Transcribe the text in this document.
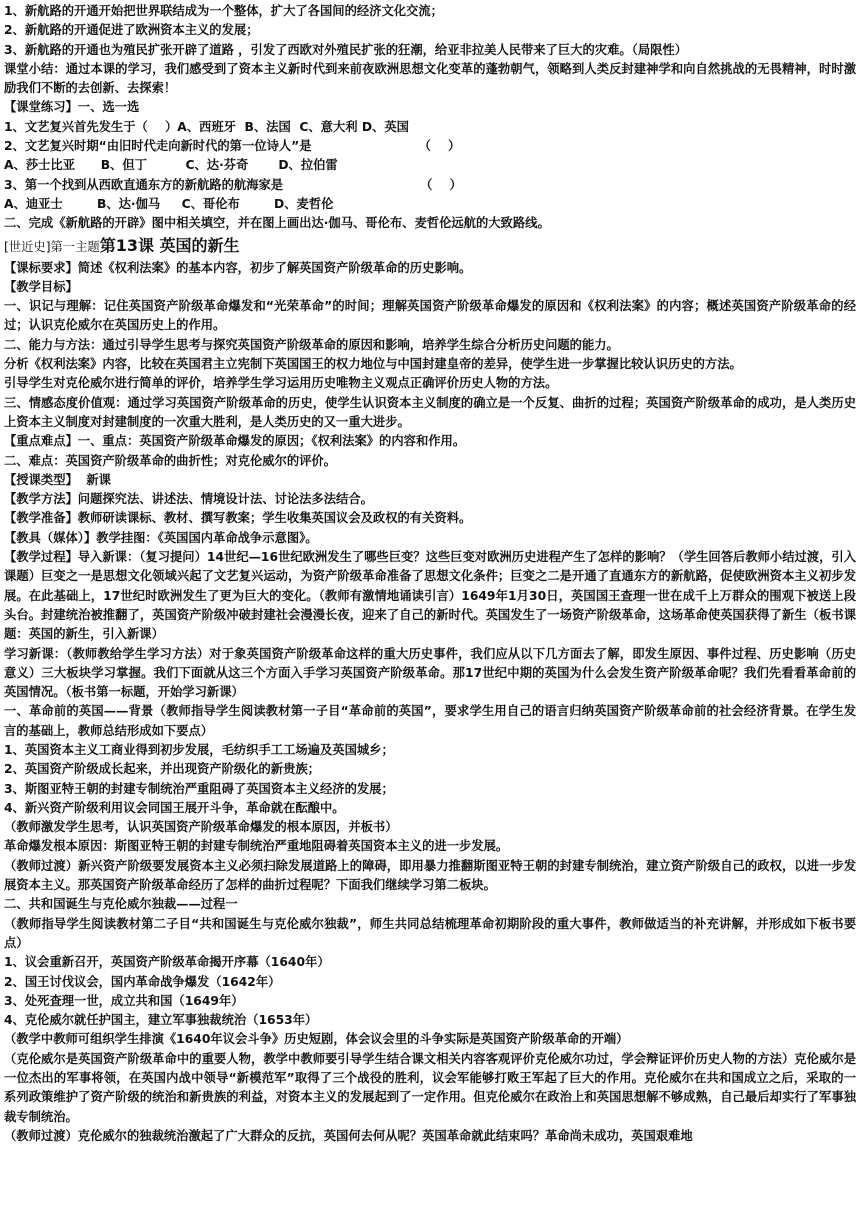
1、新航路的开通开始把世界联结成为一个整体，扩大了各国间的经济文化交流；

2、新航路的开通促进了欧洲资本主义的发展；

3、新航路的开通也为殖民扩张开辟了道路 ，引发了西欧对外殖民扩张的狂潮，给亚非拉美人民带来了巨大的灾难。（局限性）

课堂小结：通过本课的学习，我们感受到了资本主义新时代到来前夜欧洲思想文化变革的蓬勃朝气，领略到人类反封建神学和向自然挑战的无畏精神，时时激励我们不断的去创新、去探索！

【课堂练习】一、选一选

1、文艺复兴首先发生于（    ）A、西班牙  B、法国  C、意大利 D、英国

2、文艺复兴时期“由旧时代走向新时代的第一位诗人”是                         （    ）

A、莎士比亚      B、但丁         C、达·芬奇       D、拉伯雷

3、第一个找到从西欧直通东方的新航路的航海家是                                （    ）

A、迪亚士        B、达·伽马     C、哥伦布        D、麦哲伦

二、完成《新航路的开辟》图中相关填空，并在图上画出达·伽马、哥伦布、麦哲伦远航的大致路线。

[世近史]第一主题第13课 英国的新生

【课标要求】简述《权利法案》的基本内容，初步了解英国资产阶级革命的历史影响。

【教学目标】

一、识记与理解：记住英国资产阶级革命爆发和“光荣革命”的时间；理解英国资产阶级革命爆发的原因和《权利法案》的内容；概述英国资产阶级革命的经过；认识克伦威尔在英国历史上的作用。

二、能力与方法：通过引导学生思考与探究英国资产阶级革命的原因和影响，培养学生综合分析历史问题的能力。

分析《权利法案》内容，比较在英国君主立宪制下英国国王的权力地位与中国封建皇帝的差异，使学生进一步掌握比较认识历史的方法。

引导学生对克伦威尔进行简单的评价，培养学生学习运用历史唯物主义观点正确评价历史人物的方法。

三、情感态度价值观：通过学习英国资产阶级革命的历史，使学生认识资本主义制度的确立是一个反复、曲折的过程；英国资产阶级革命的成功，是人类历史上资本主义制度对封建制度的一次重大胜利，是人类历史的又一重大进步。

【重点难点】一、重点：英国资产阶级革命爆发的原因；《权利法案》的内容和作用。

二、难点：英国资产阶级革命的曲折性；对克伦威尔的评价。

【授课类型】  新课

【教学方法】问题探究法、讲述法、情境设计法、讨论法多法结合。

【教学准备】教师研读课标、教材、撰写教案；学生收集英国议会及政权的有关资料。

【教具（媒体）】教学挂图：《英国国内革命战争示意图》。

【教学过程】导入新课：（复习提问）14世纪—16世纪欧洲发生了哪些巨变？这些巨变对欧洲历史进程产生了怎样的影响？（学生回答后教师小结过渡，引入课题）巨变之一是思想文化领域兴起了文艺复兴运动，为资产阶级革命准备了思想文化条件；巨变之二是开通了直通东方的新航路，促使欧洲资本主义初步发展。在此基础上，17世纪时欧洲发生了更为巨大的变化。（教师有激情地诵读引言）1649年1月30日，英国国王查理一世在成千上万群众的围观下被送上段头台。封建统治被推翻了，英国资产阶级冲破封建社会漫漫长夜，迎来了自己的新时代。英国发生了一场资产阶级革命，这场革命使英国获得了新生（板书课题：英国的新生，引入新课）

学习新课：（教师教给学生学习方法）对于象英国资产阶级革命这样的重大历史事件，我们应从以下几方面去了解，即发生原因、事件过程、历史影响（历史意义）三大板块学习掌握。我们下面就从这三个方面入手学习英国资产阶级革命。那17世纪中期的英国为什么会发生资产阶级革命呢？我们先看看革命前的英国情况。（板书第一标题，开始学习新课）

一、革命前的英国——背景（教师指导学生阅读教材第一子目“革命前的英国”，要求学生用自己的语言归纳英国资产阶级革命前的社会经济背景。在学生发言的基础上，教师总结形成如下要点）

1、英国资本主义工商业得到初步发展，毛纺织手工工场遍及英国城乡；

2、英国资产阶级成长起来，并出现资产阶级化的新贵族；

3、斯图亚特王朝的封建专制统治严重阻碍了英国资本主义经济的发展；

4、新兴资产阶级利用议会同国王展开斗争，革命就在酝酿中。

（教师激发学生思考，认识英国资产阶级革命爆发的根本原因，并板书）

革命爆发根本原因：斯图亚特王朝的封建专制统治严重地阻碍着英国资本主义的进一步发展。

（教师过渡）新兴资产阶级要发展资本主义必须扫除发展道路上的障碍，即用暴力推翻斯图亚特王朝的封建专制统治，建立资产阶级自己的政权，以进一步发展资本主义。那英国资产阶级革命经历了怎样的曲折过程呢？下面我们继续学习第二板块。

二、共和国诞生与克伦威尔独裁——过程一

（教师指导学生阅读教材第二子目“共和国诞生与克伦威尔独裁”，师生共同总结梳理革命初期阶段的重大事件，教师做适当的补充讲解，并形成如下板书要点）

1、议会重新召开，英国资产阶级革命揭开序幕（1640年）

2、国王讨伐议会，国内革命战争爆发（1642年）

3、处死查理一世，成立共和国（1649年）

4、克伦威尔就任护国主，建立军事独裁统治（1653年）

（教学中教师可组织学生排演《1640年议会斗争》历史短剧，体会议会里的斗争实际是英国资产阶级革命的开端）

（克伦威尔是英国资产阶级革命中的重要人物，教学中教师要引导学生结合课文相关内容客观评价克伦威尔功过，学会辩证评价历史人物的方法）克伦威尔是一位杰出的军事将领，在英国内战中领导“新模范军”取得了三个战役的胜利，议会军能够打败王军起了巨大的作用。克伦威尔在共和国成立之后，采取的一系列政策维护了资产阶级的统治和新贵族的利益，对资本主义的发展起到了一定作用。但克伦威尔在政治上和英国思想解不够成熟，自己最后却实行了军事独裁专制统治。

（教师过渡）克伦威尔的独裁统治激起了广大群众的反抗，英国何去何从呢？英国革命就此结束吗？革命尚未成功，英国艰难地
